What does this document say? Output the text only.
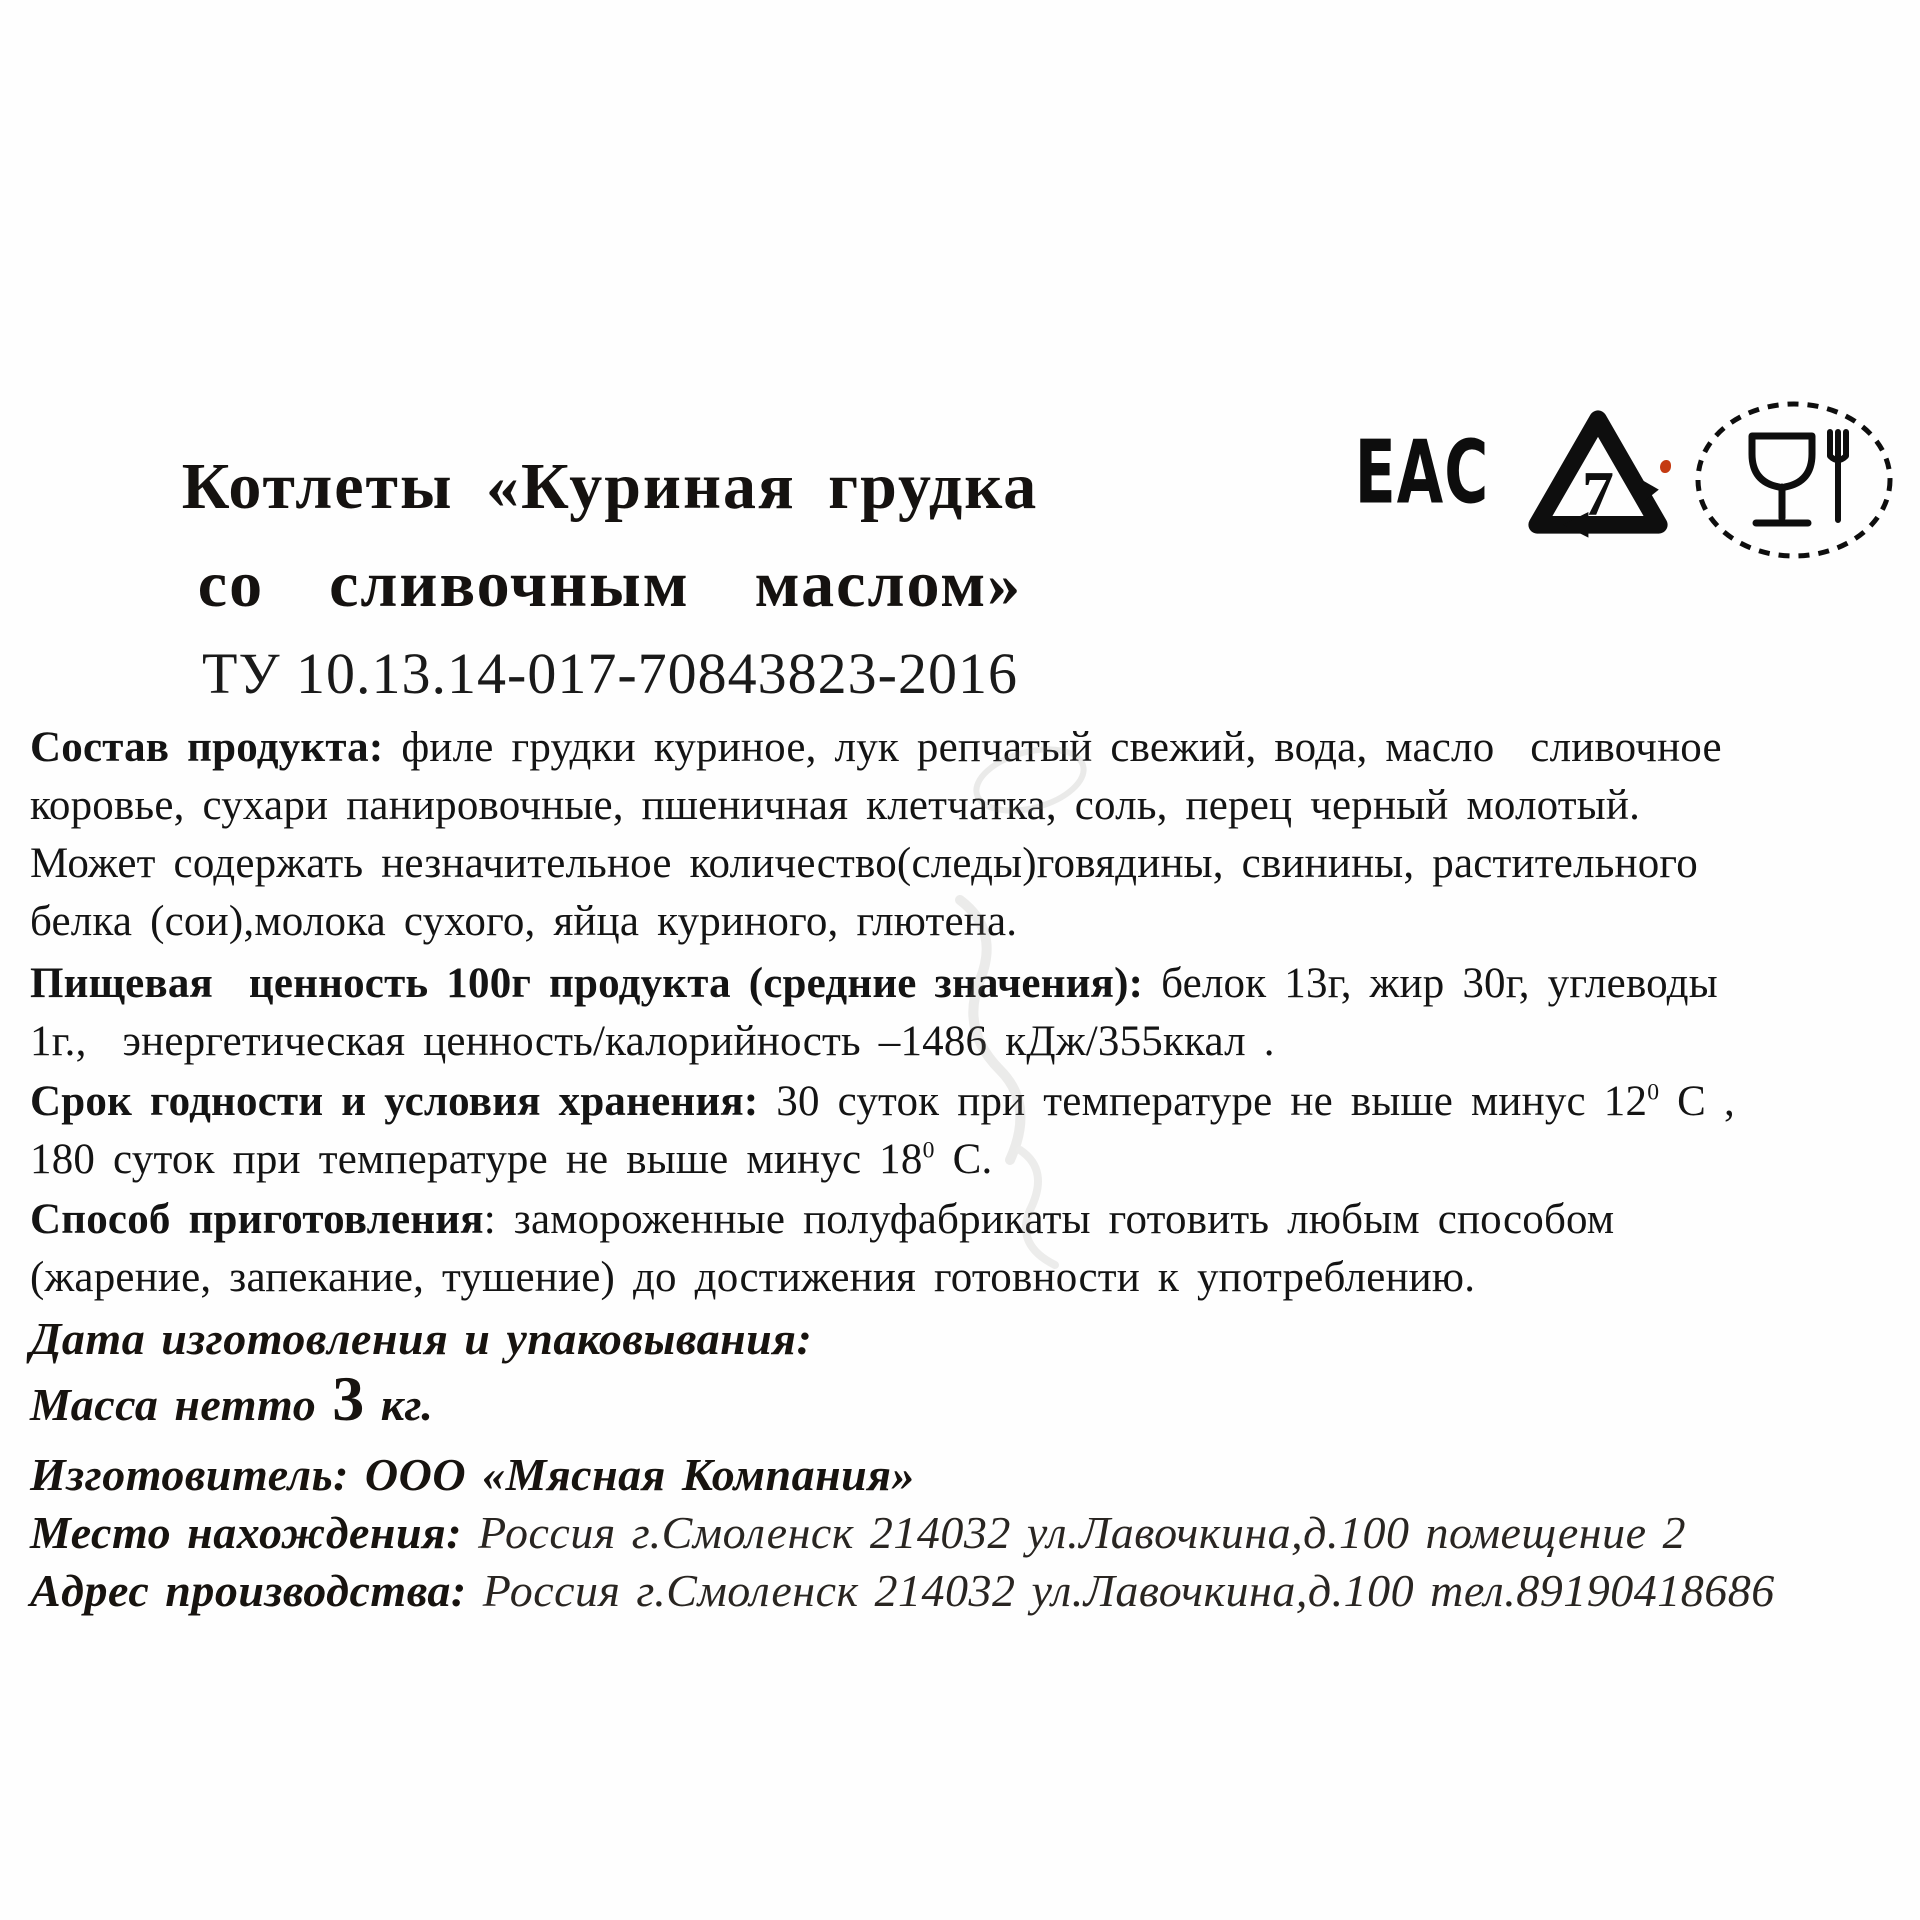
Котлеты «Куриная грудка
со  сливочным  маслом»
ТУ 10.13.14-017-70843823-2016
EAC 7
Состав продукта: филе грудки куриное, лук репчатый свежий, вода, масло  сливочное
коровье, сухари панировочные, пшеничная клетчатка, соль, перец черный молотый.
Может содержать незначительное количество(следы)говядины, свинины, растительного
белка (сои),молока сухого, яйца куриного, глютена.
Пищевая  ценность 100г продукта (средние значения): белок 13г, жир 30г, углеводы
1г.,  энергетическая ценность/калорийность –1486 кДж/355ккал .
Срок годности и условия хранения: 30 суток при температуре не выше минус $12^0$ С ,
180 суток при температуре не выше минус $18^0$ С.
Способ приготовления: замороженные полуфабрикаты готовить любым способом
(жарение, запекание, тушение) до достижения готовности к употреблению.
Дата изготовления и упаковывания:
Масса нетто 3 кг.
Изготовитель: ООО «Мясная Компания»
Место нахождения: Россия г.Смоленск 214032 ул.Лавочкина,д.100 помещение 2
Адрес производства: Россия г.Смоленск 214032 ул.Лавочкина,д.100 тел.89190418686
